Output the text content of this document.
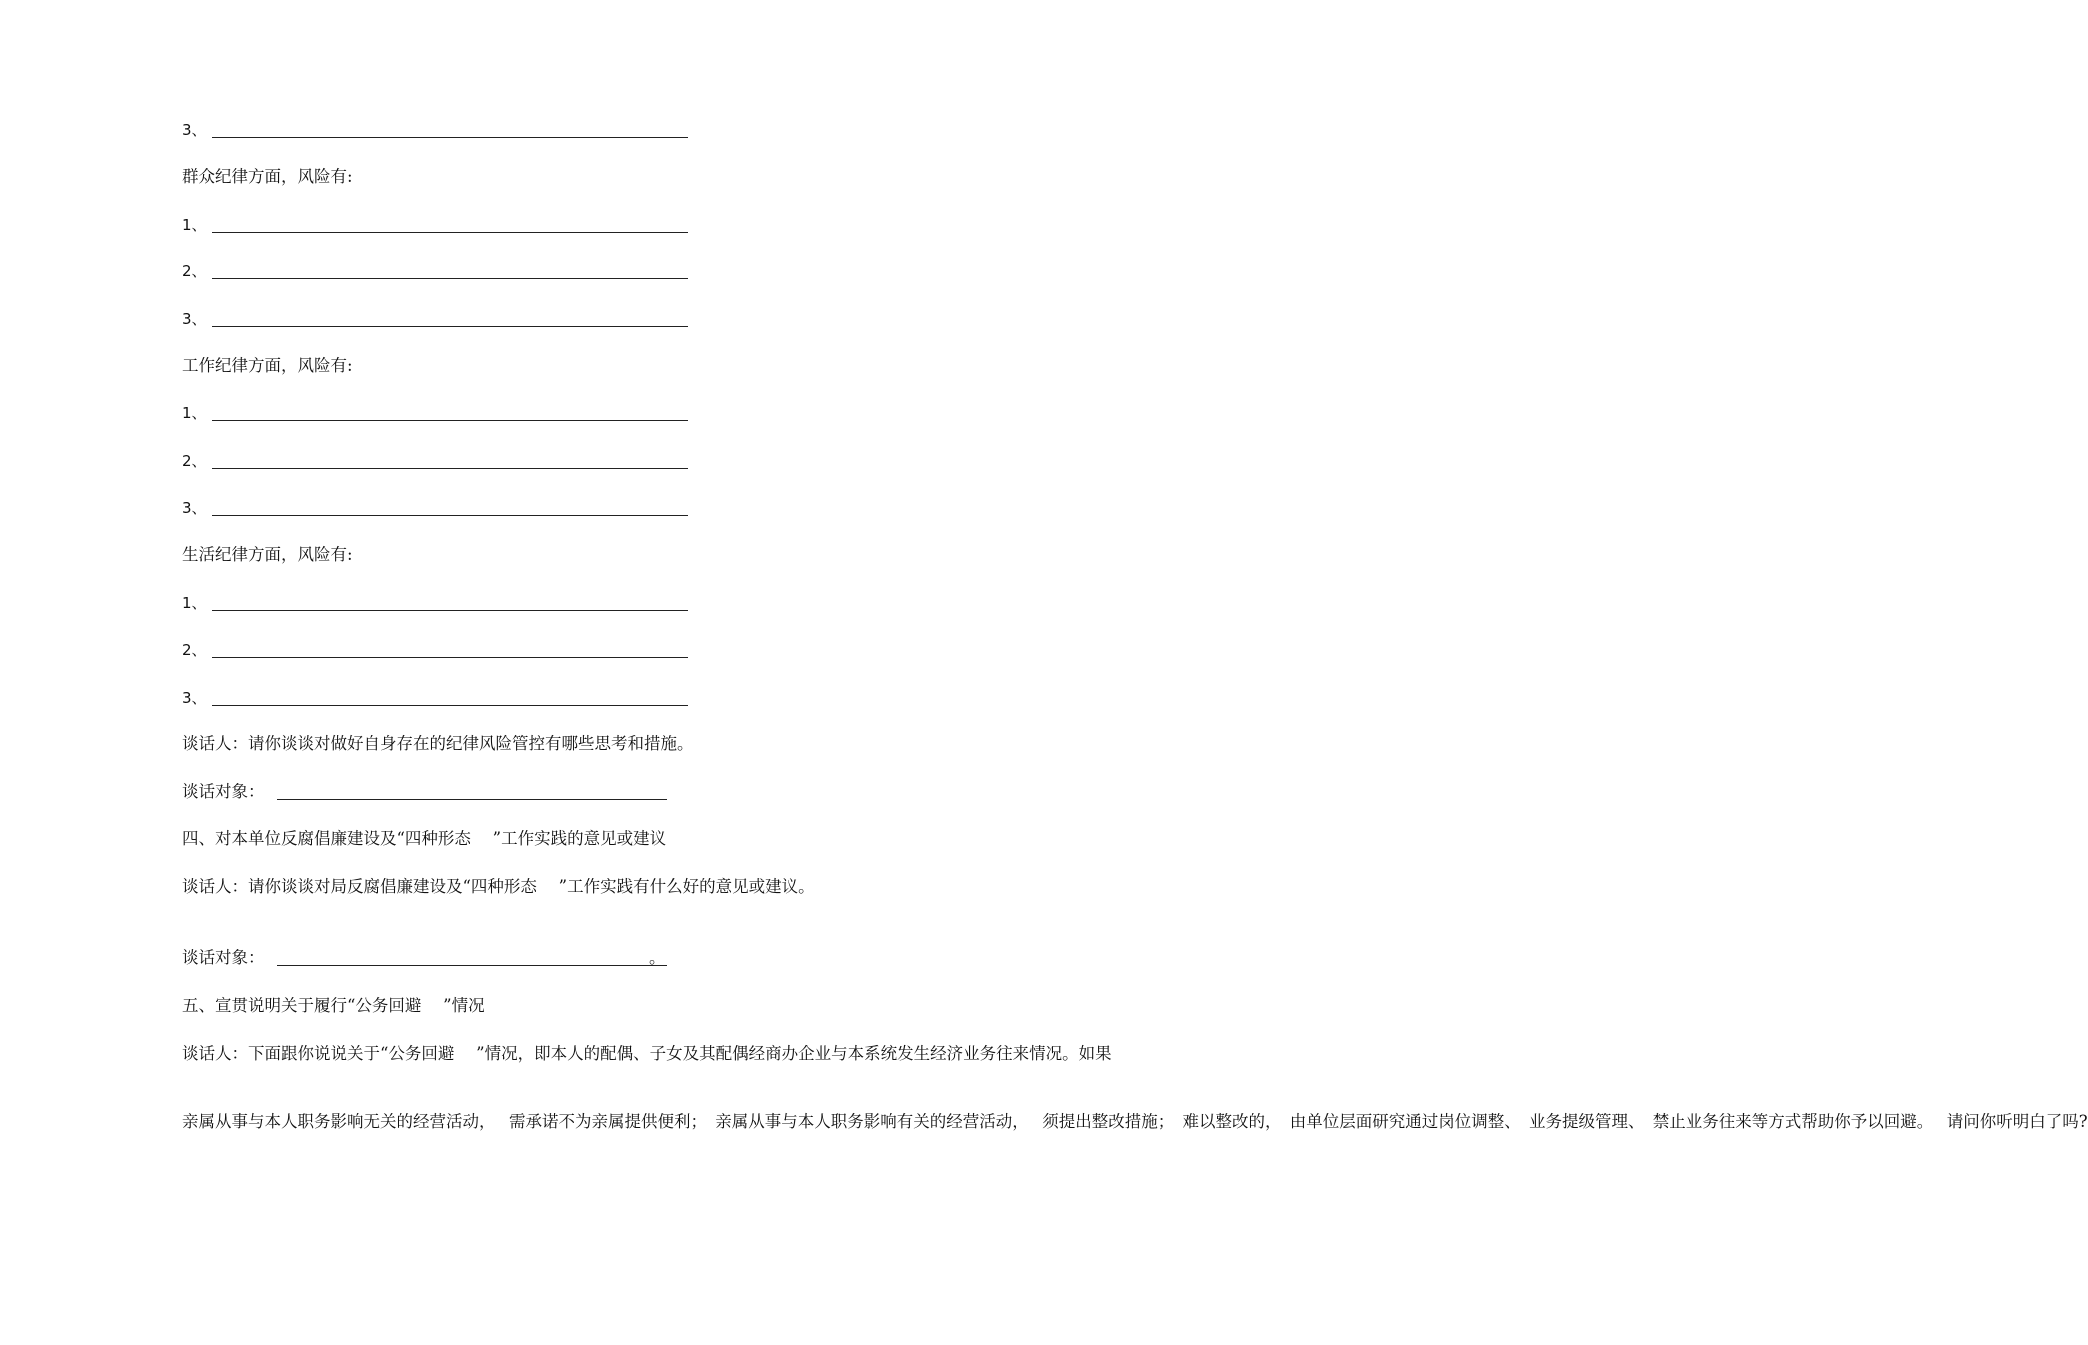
3、
群众纪律方面，风险有:
1、
2、
3、
工作纪律方面，风险有:
1、
2、
3、
生活纪律方面，风险有:
1、
2、
3、
谈话人：请你谈谈对做好自身存在的纪律风险管控有哪些思考和措施。
谈话对象：
四、对本单位反腐倡廉建设及“四种形态　 ”工作实践的意见或建议
谈话人：请你谈谈对局反腐倡廉建设及“四种形态　 ”工作实践有什么好的意见或建议。
谈话对象：	。
五、宣贯说明关于履行“公务回避　 ”情况
谈话人：下面跟你说说关于“公务回避　 ”情况，即本人的配偶、子女及其配偶经商办企业与本系统发生经济业务往来情况。如果
亲属从事与本人职务影响无关的经营活动，　 需承诺不为亲属提供便利；　亲属从事与本人职务影响有关的经营活动，　 须提出整改措施；　难以整改的，　由单位层面研究通过岗位调整、　业务提级管理、　禁止业务往来等方式帮助你予以回避。　 请问你听明白了吗?
